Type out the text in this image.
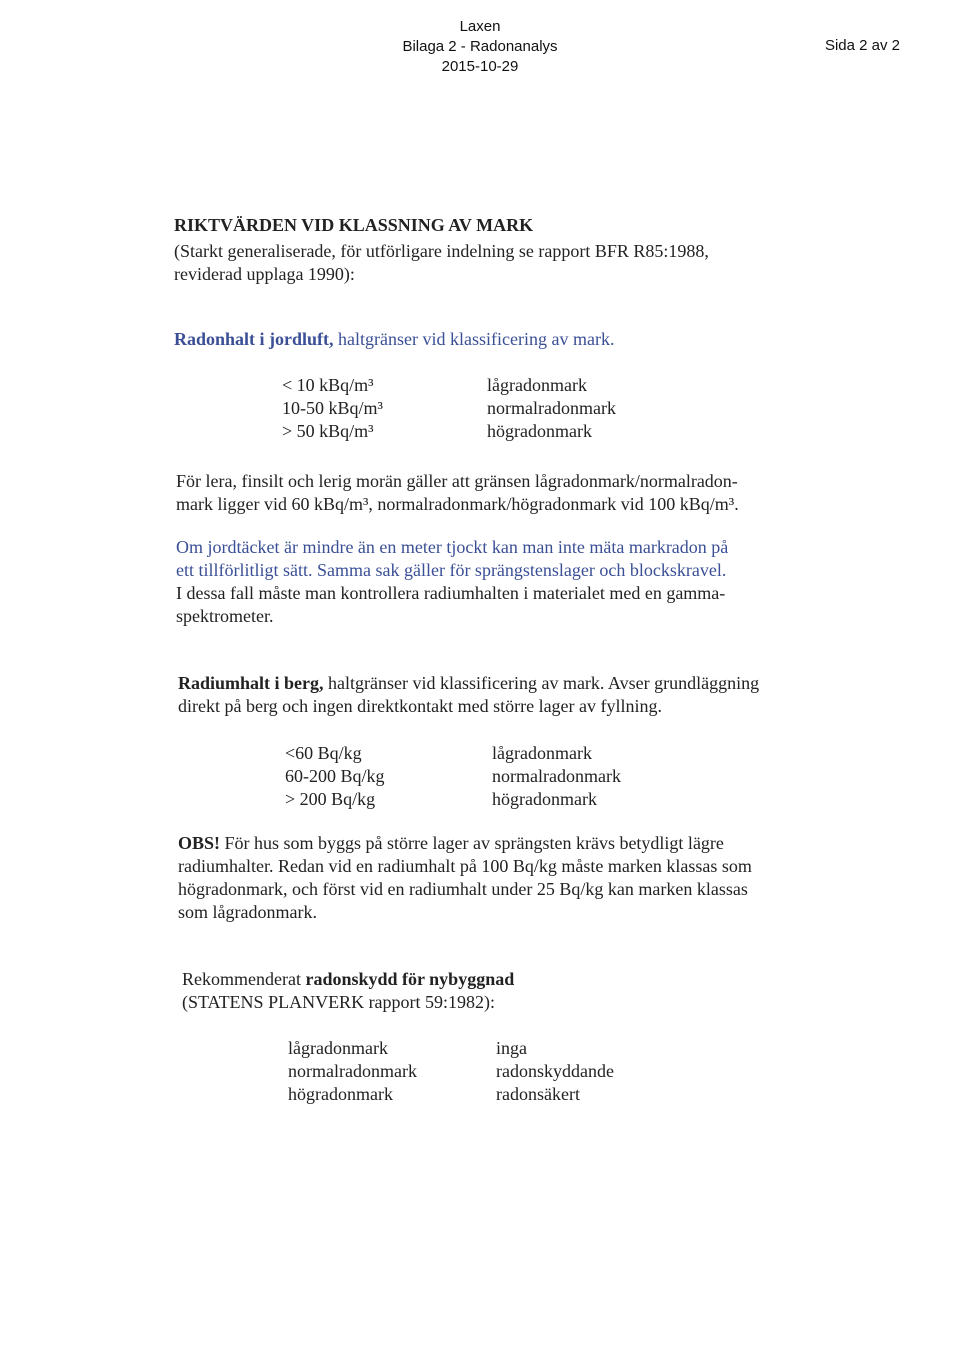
Laxen
Bilaga 2 - Radonanalys
2015-10-29
Sida 2 av 2
RIKTVÄRDEN VID KLASSNING AV MARK
(Starkt generaliserade, för utförligare indelning se rapport BFR R85:1988,
reviderad upplaga 1990):
Radonhalt i jordluft, haltgränser vid klassificering av mark.
< 10 kBq/m³	lågradonmark
10-50 kBq/m³	normalradonmark
> 50 kBq/m³	högradonmark
För lera, finsilt och lerig morän gäller att gränsen lågradonmark/normalradon-
mark ligger vid 60 kBq/m³, normalradonmark/högradonmark vid 100 kBq/m³.
Om jordtäcket är mindre än en meter tjockt kan man inte mäta markradon på
ett tillförlitligt sätt. Samma sak gäller för sprängstenslager och blockskravel.
I dessa fall måste man kontrollera radiumhalten i materialet med en gamma-
spektrometer.
Radiumhalt i berg, haltgränser vid klassificering av mark. Avser grundläggning
direkt på berg och ingen direktkontakt med större lager av fyllning.
<60 Bq/kg	lågradonmark
60-200 Bq/kg	normalradonmark
> 200 Bq/kg	högradonmark
OBS! För hus som byggs på större lager av sprängsten krävs betydligt lägre
radiumhalter. Redan vid en radiumhalt på 100 Bq/kg måste marken klassas som
högradonmark, och först vid en radiumhalt under 25 Bq/kg kan marken klassas
som lågradonmark.
Rekommenderat radonskydd för nybyggnad
(STATENS PLANVERK rapport 59:1982):
lågradonmark	inga
normalradonmark	radonskyddande
högradonmark	radonsäkert
